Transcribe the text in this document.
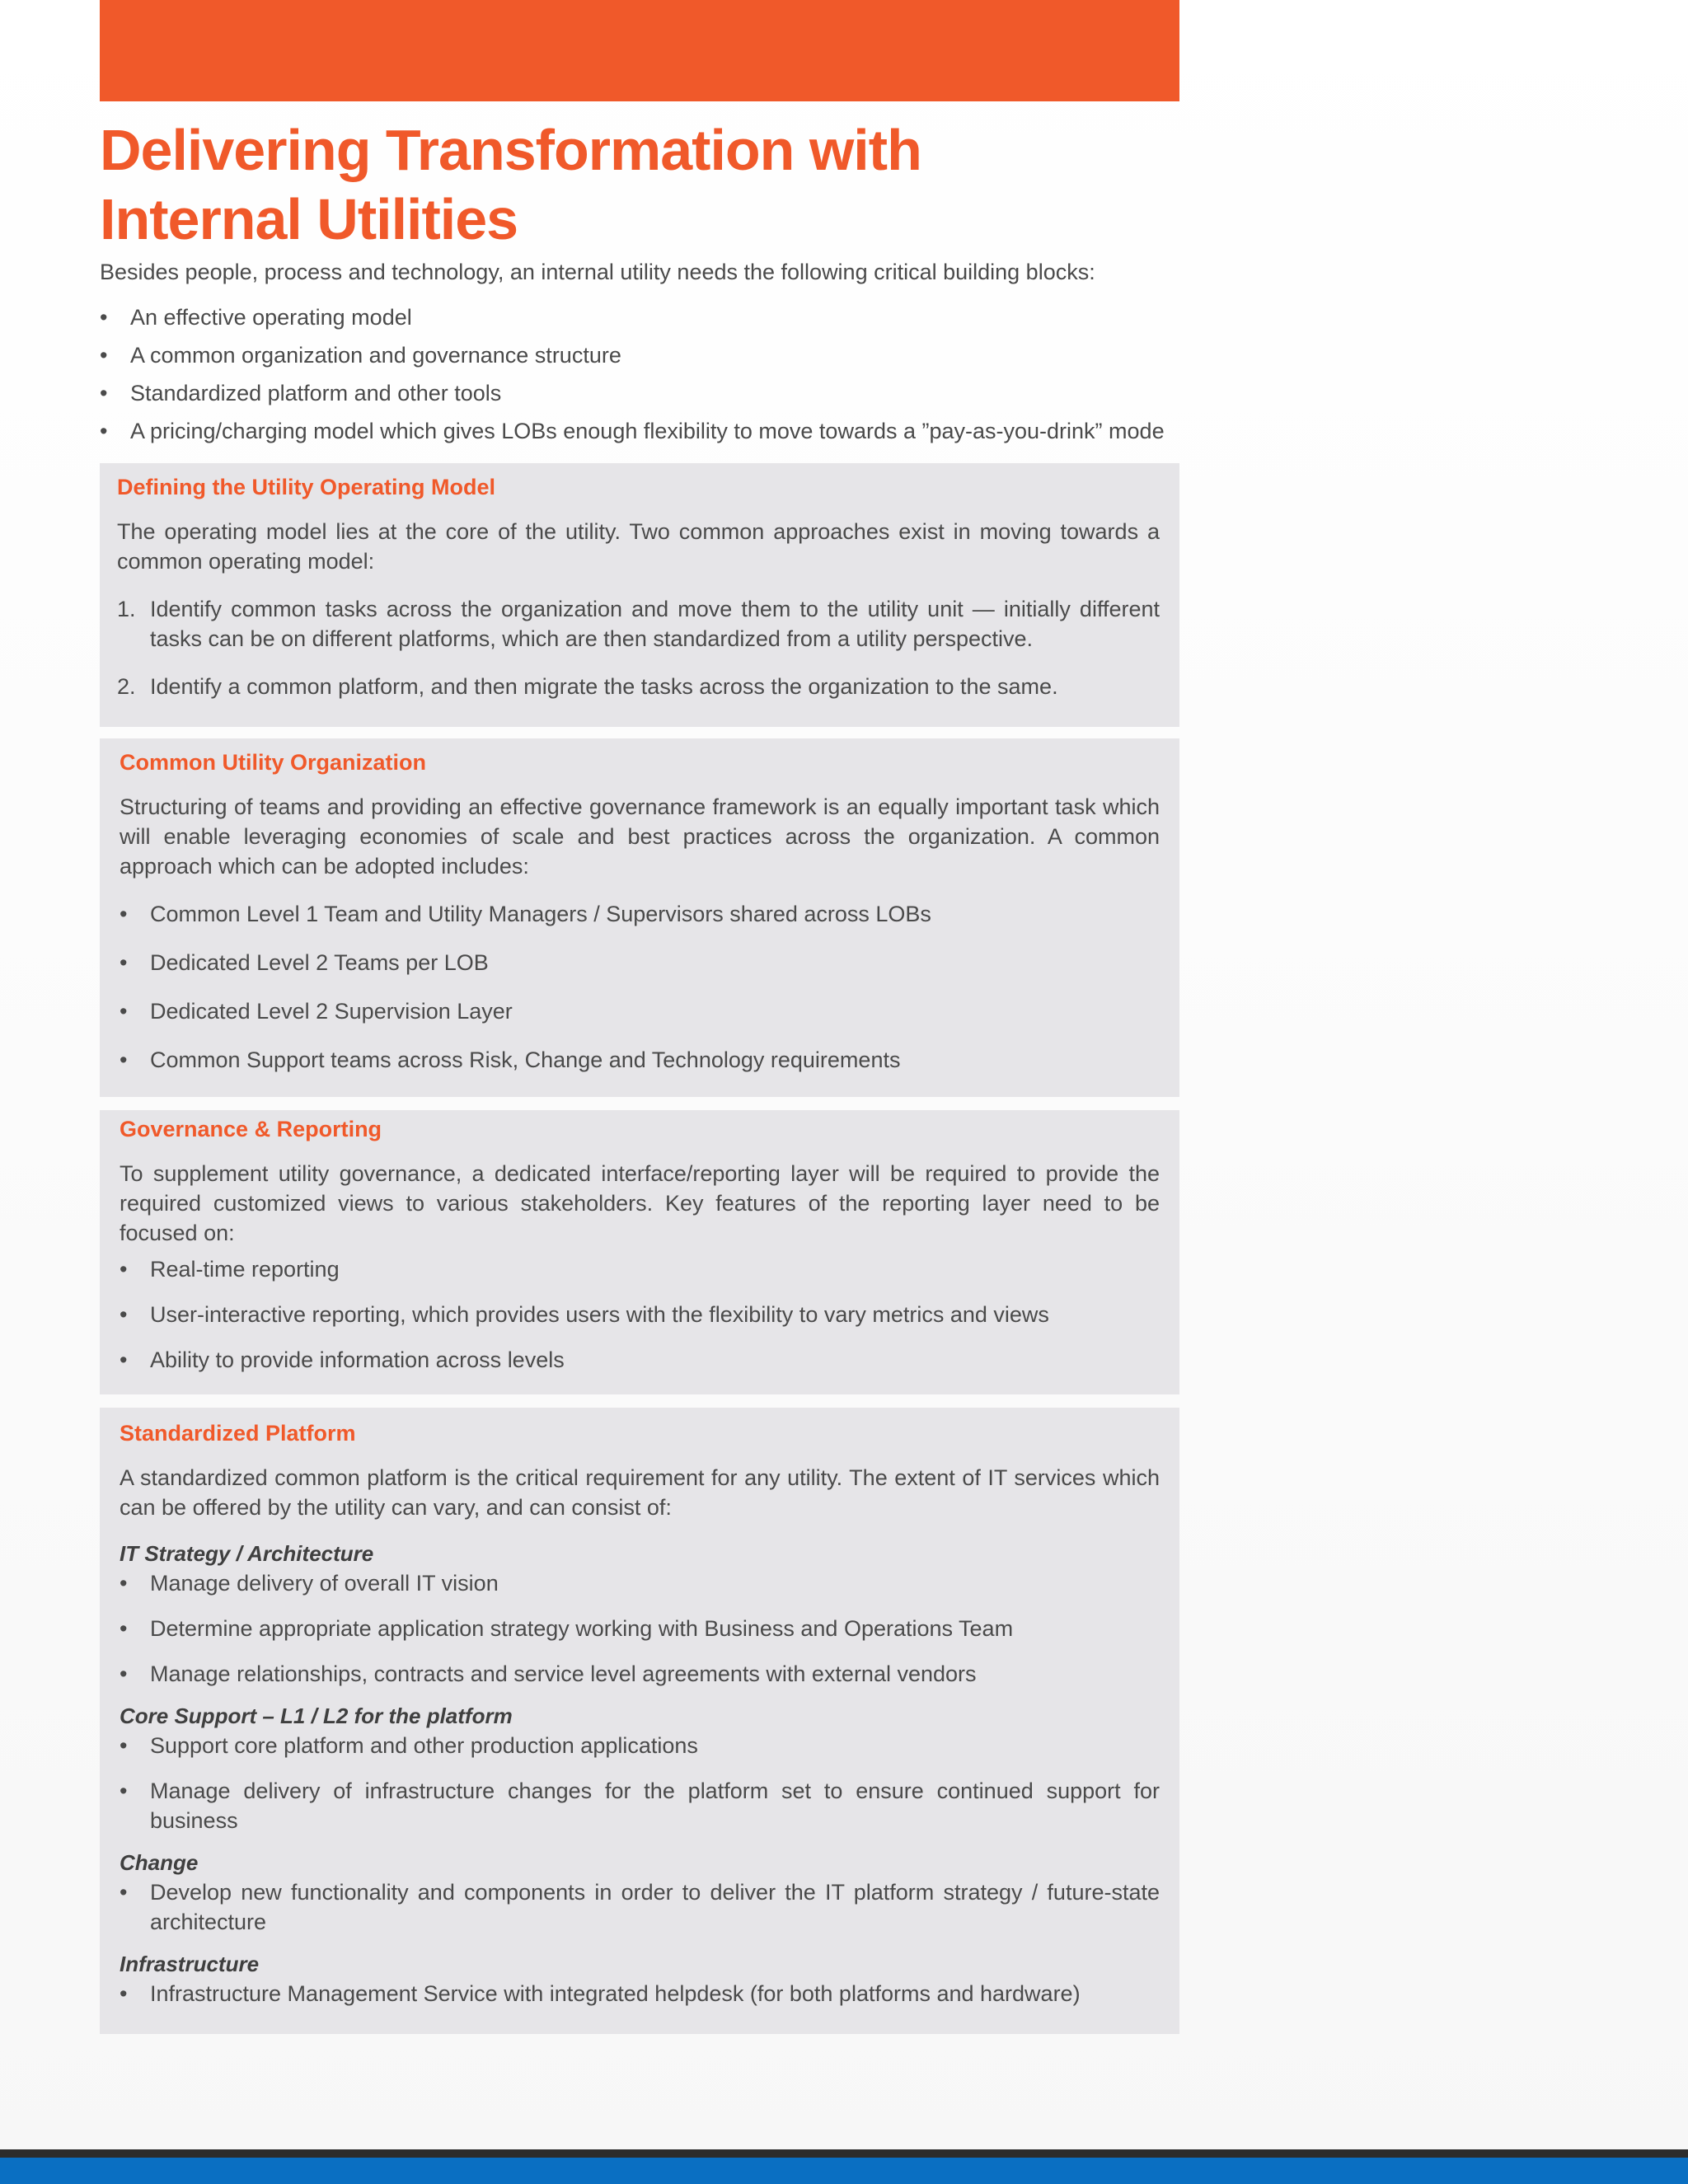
Delivering Transformation with
Internal Utilities

Besides people, process and technology, an internal utility needs the following critical building blocks:

• An effective operating model
• A common organization and governance structure
• Standardized platform and other tools
• A pricing/charging model which gives LOBs enough flexibility to move towards a ”pay-as-you-drink” mode
Defining the Utility Operating Model

The operating model lies at the core of the utility. Two common approaches exist in moving towards a common operating model:

1. Identify common tasks across the organization and move them to the utility unit — initially different tasks can be on different platforms, which are then standardized from a utility perspective.
2. Identify a common platform, and then migrate the tasks across the organization to the same.
Common Utility Organization

Structuring of teams and providing an effective governance framework is an equally important task which will enable leveraging economies of scale and best practices across the organization. A common approach which can be adopted includes:

• Common Level 1 Team and Utility Managers / Supervisors shared across LOBs
• Dedicated Level 2 Teams per LOB
• Dedicated Level 2 Supervision Layer
• Common Support teams across Risk, Change and Technology requirements
Governance & Reporting

To supplement utility governance, a dedicated interface/reporting layer will be required to provide the required customized views to various stakeholders. Key features of the reporting layer need to be focused on:

• Real-time reporting
• User-interactive reporting, which provides users with the flexibility to vary metrics and views
• Ability to provide information across levels
Standardized Platform

A standardized common platform is the critical requirement for any utility. The extent of IT services which can be offered by the utility can vary, and can consist of:

IT Strategy / Architecture
• Manage delivery of overall IT vision
• Determine appropriate application strategy working with Business and Operations Team
• Manage relationships, contracts and service level agreements with external vendors
Core Support – L1 / L2 for the platform
• Support core platform and other production applications
• Manage delivery of infrastructure changes for the platform set to ensure continued support for business
Change
• Develop new functionality and components in order to deliver the IT platform strategy / future-state architecture
Infrastructure
• Infrastructure Management Service with integrated helpdesk (for both platforms and hardware)
